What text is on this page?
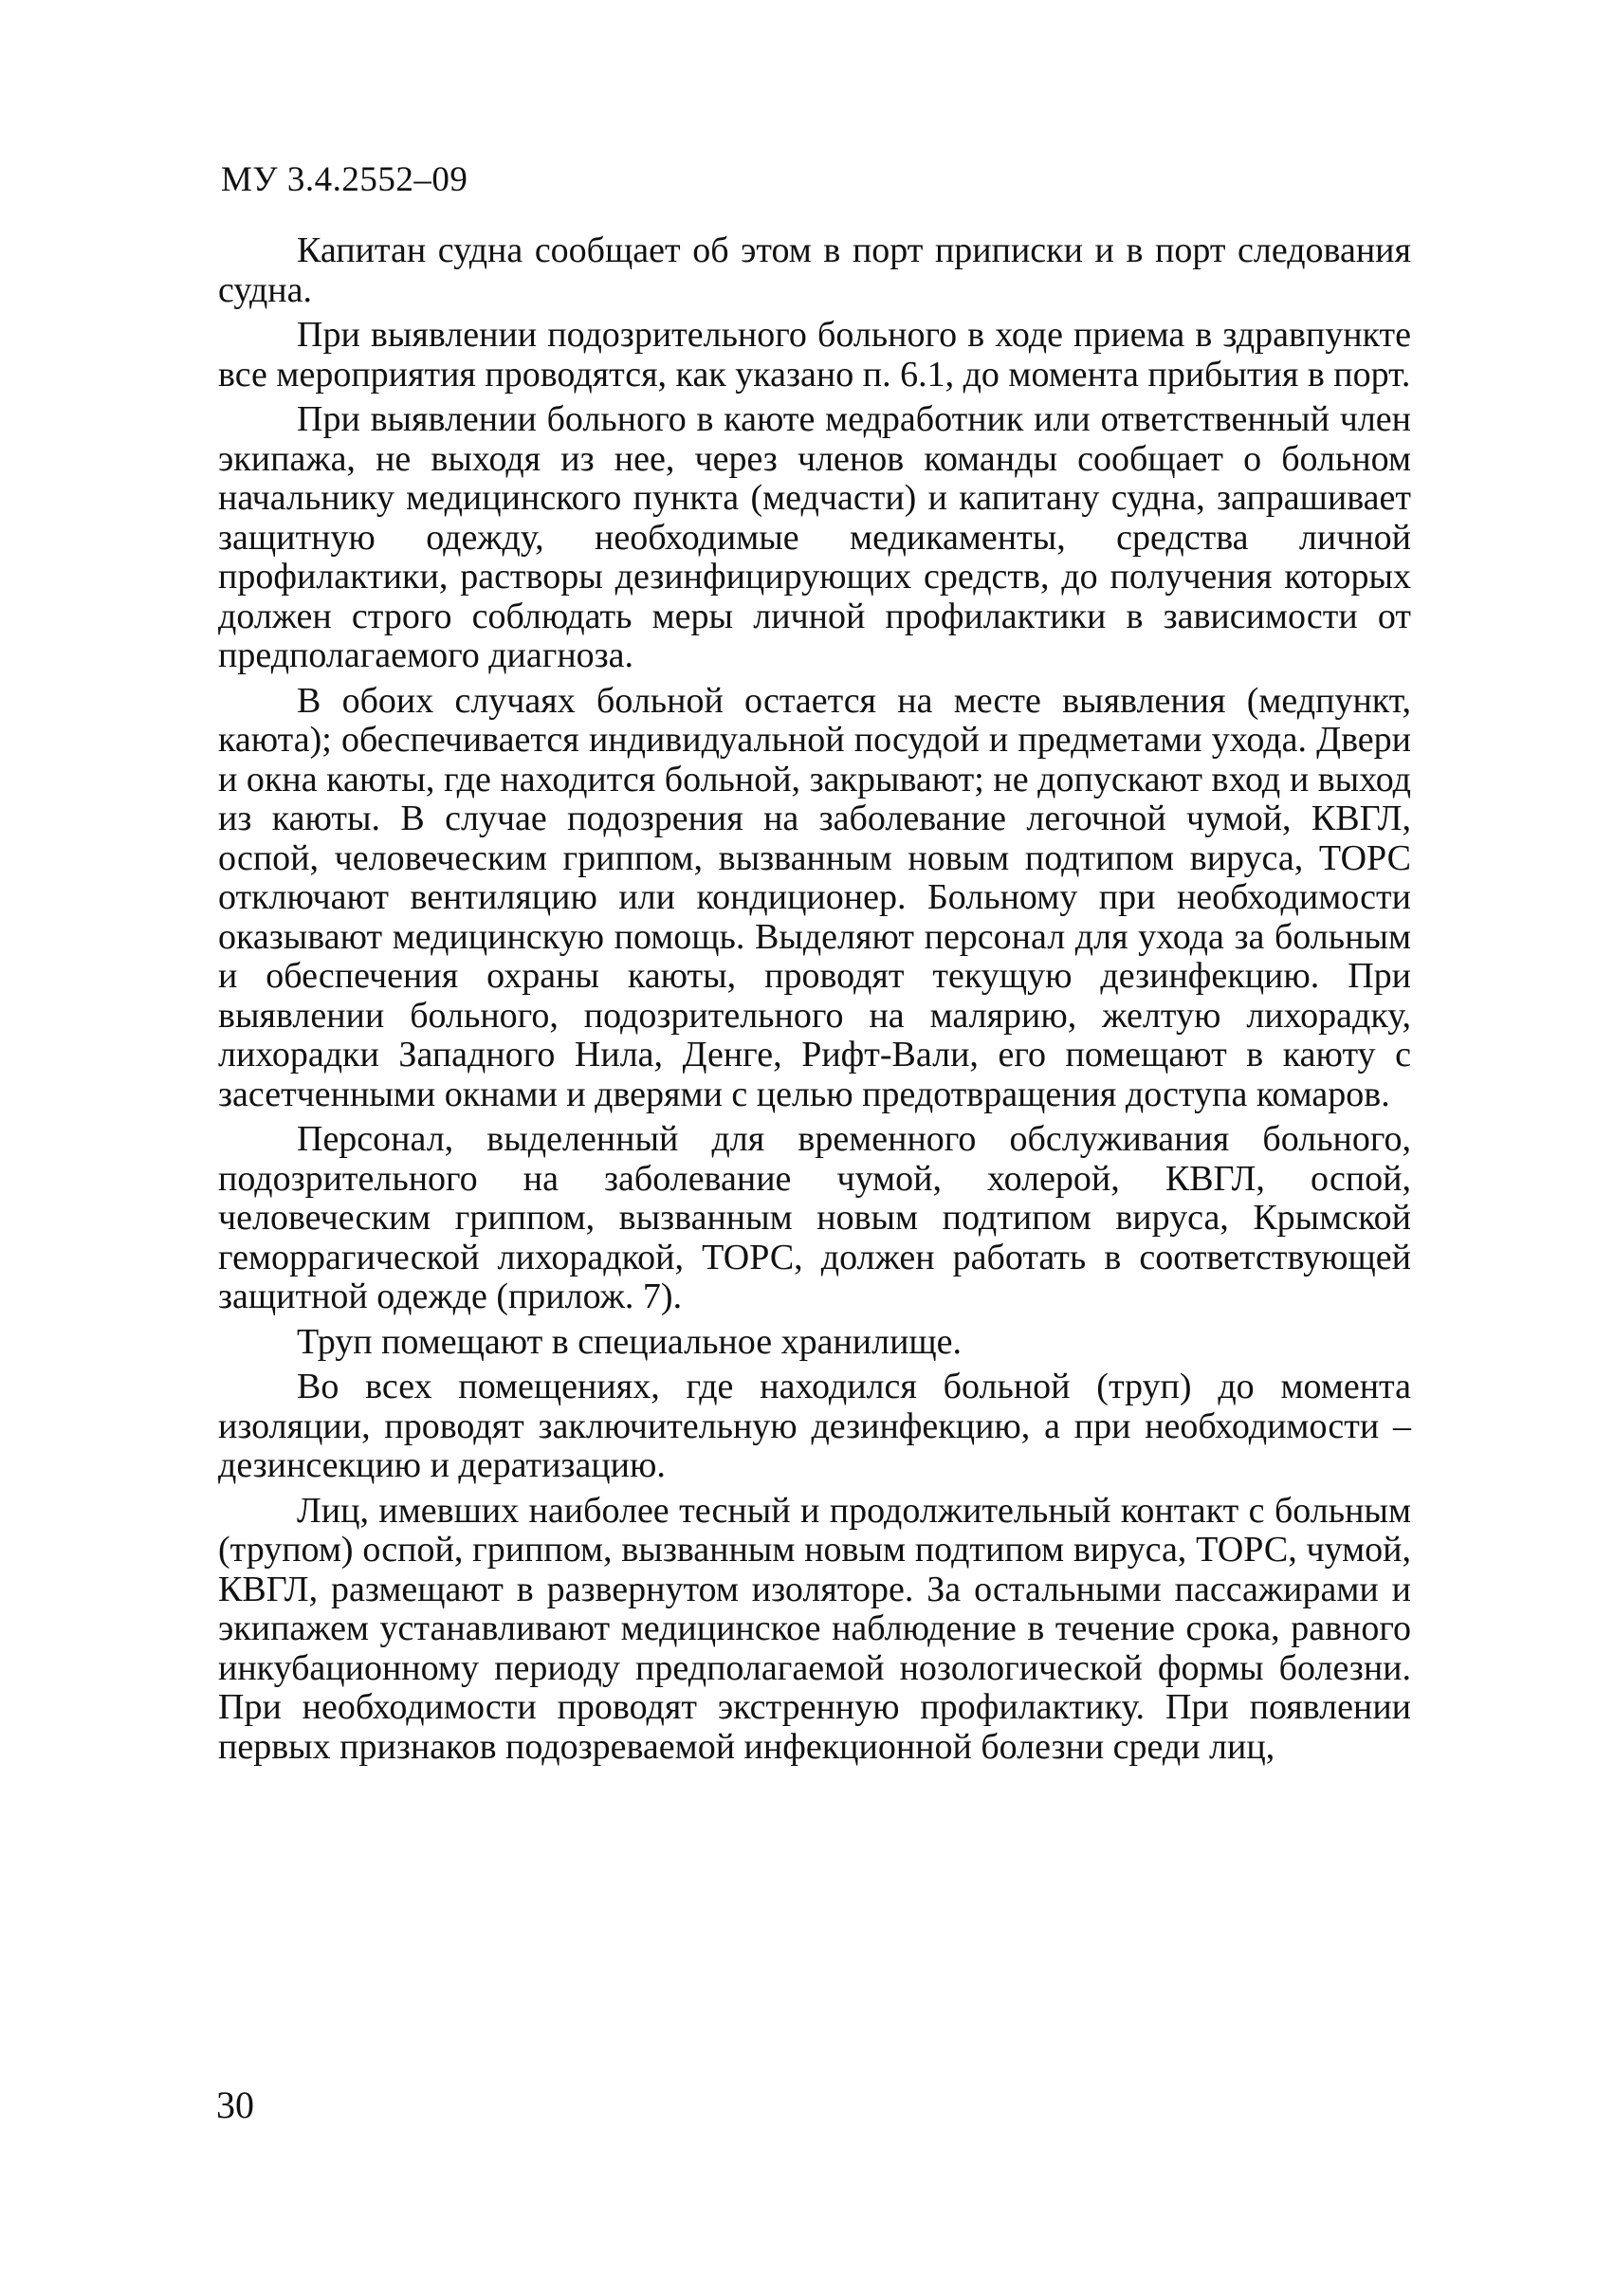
МУ 3.4.2552–09

Капитан судна сообщает об этом в порт приписки и в порт следования судна.

При выявлении подозрительного больного в ходе приема в здравпункте все мероприятия проводятся, как указано п. 6.1, до момента прибытия в порт.

При выявлении больного в каюте медработник или ответственный член экипажа, не выходя из нее, через членов команды сообщает о больном начальнику медицинского пункта (медчасти) и капитану судна, запрашивает защитную одежду, необходимые медикаменты, средства личной профилактики, растворы дезинфицирующих средств, до получения которых должен строго соблюдать меры личной профилактики в зависимости от предполагаемого диагноза.

В обоих случаях больной остается на месте выявления (медпункт, каюта); обеспечивается индивидуальной посудой и предметами ухода. Двери и окна каюты, где находится больной, закрывают; не допускают вход и выход из каюты. В случае подозрения на заболевание легочной чумой, КВГЛ, оспой, человеческим гриппом, вызванным новым подтипом вируса, ТОРС отключают вентиляцию или кондиционер. Больному при необходимости оказывают медицинскую помощь. Выделяют персонал для ухода за больным и обеспечения охраны каюты, проводят текущую дезинфекцию. При выявлении больного, подозрительного на малярию, желтую лихорадку, лихорадки Западного Нила, Денге, Рифт-Вали, его помещают в каюту с засетченными окнами и дверями с целью предотвращения доступа комаров.

Персонал, выделенный для временного обслуживания больного, подозрительного на заболевание чумой, холерой, КВГЛ, оспой, человеческим гриппом, вызванным новым подтипом вируса, Крымской геморрагической лихорадкой, ТОРС, должен работать в соответствующей защитной одежде (прилож. 7).

Труп помещают в специальное хранилище.

Во всех помещениях, где находился больной (труп) до момента изоляции, проводят заключительную дезинфекцию, а при необходимости – дезинсекцию и дератизацию.

Лиц, имевших наиболее тесный и продолжительный контакт с больным (трупом) оспой, гриппом, вызванным новым подтипом вируса, ТОРС, чумой, КВГЛ, размещают в развернутом изоляторе. За остальными пассажирами и экипажем устанавливают медицинское наблюдение в течение срока, равного инкубационному периоду предполагаемой нозологической формы болезни. При необходимости проводят экстренную профилактику. При появлении первых признаков подозреваемой инфекционной болезни среди лиц,

30
